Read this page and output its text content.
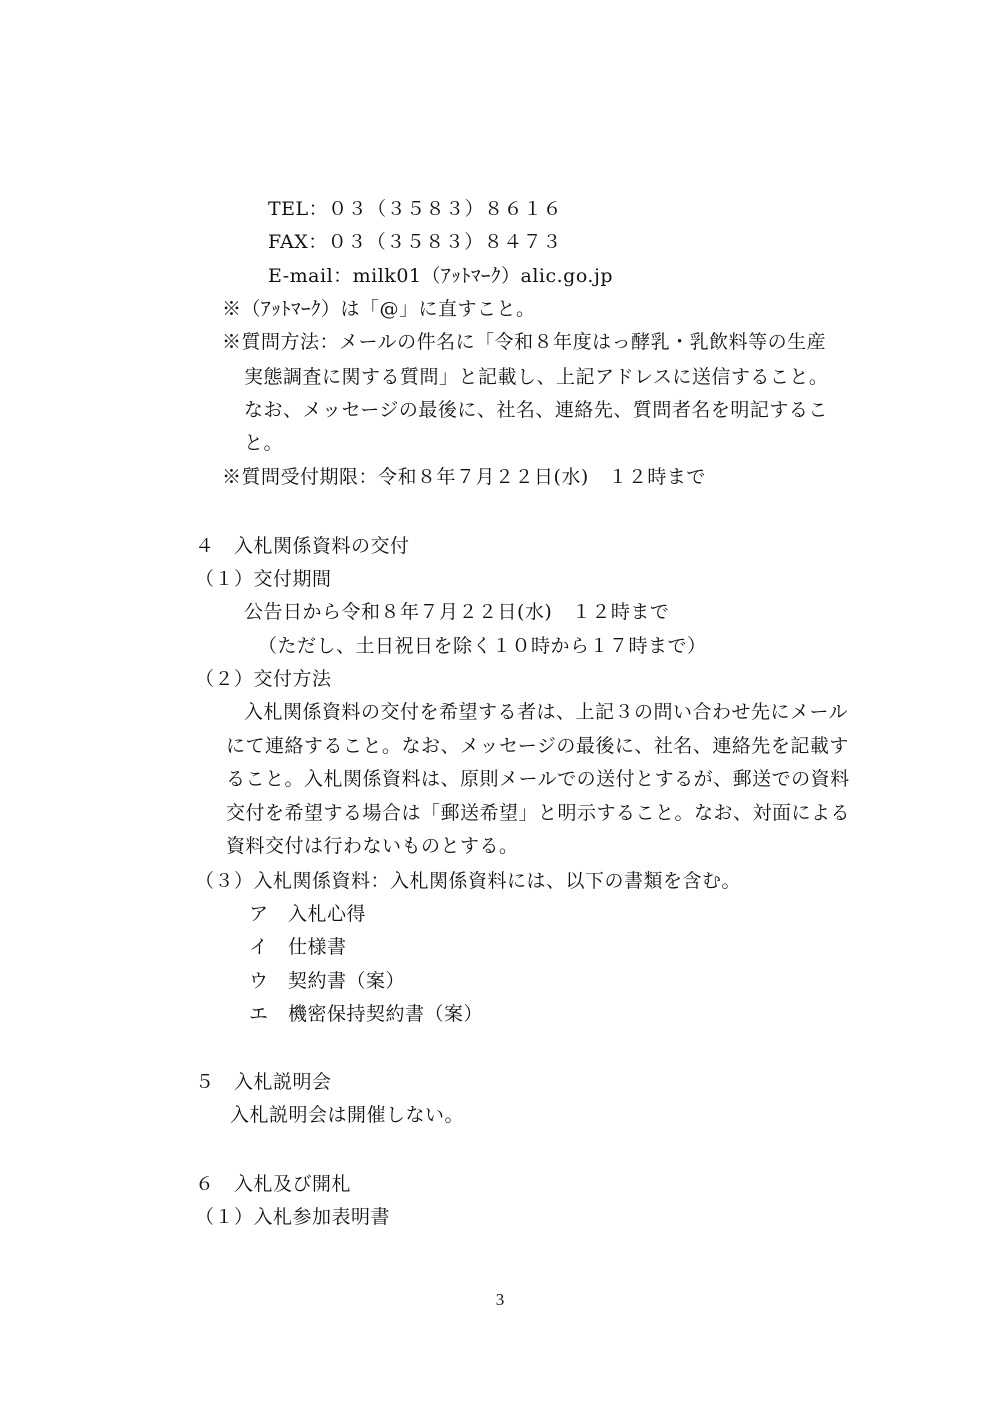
TEL：０３（３５８３）８６１６
FAX：０３（３５８３）８４７３
E-mail：milk01（ｱｯﾄﾏｰｸ）alic.go.jp
※（ｱｯﾄﾏｰｸ）は「@」に直すこと。
※質問方法：メールの件名に「令和８年度はっ酵乳・乳飲料等の生産
実態調査に関する質問」と記載し、上記アドレスに送信すること。
なお、メッセージの最後に、社名、連絡先、質問者名を明記するこ
と。
※質問受付期限：令和８年７月２２日(水)　１２時まで
４　入札関係資料の交付
（１）交付期間
公告日から令和８年７月２２日(水)　１２時まで
（ただし、土日祝日を除く１０時から１７時まで）
（２）交付方法
入札関係資料の交付を希望する者は、上記３の問い合わせ先にメール
にて連絡すること。なお、メッセージの最後に、社名、連絡先を記載す
ること。入札関係資料は、原則メールでの送付とするが、郵送での資料
交付を希望する場合は「郵送希望」と明示すること。なお、対面による
資料交付は行わないものとする。
（３）入札関係資料：入札関係資料には、以下の書類を含む。
ア　入札心得
イ　仕様書
ウ　契約書（案）
エ　機密保持契約書（案）
５　入札説明会
入札説明会は開催しない。
６　入札及び開札
（１）入札参加表明書
3
